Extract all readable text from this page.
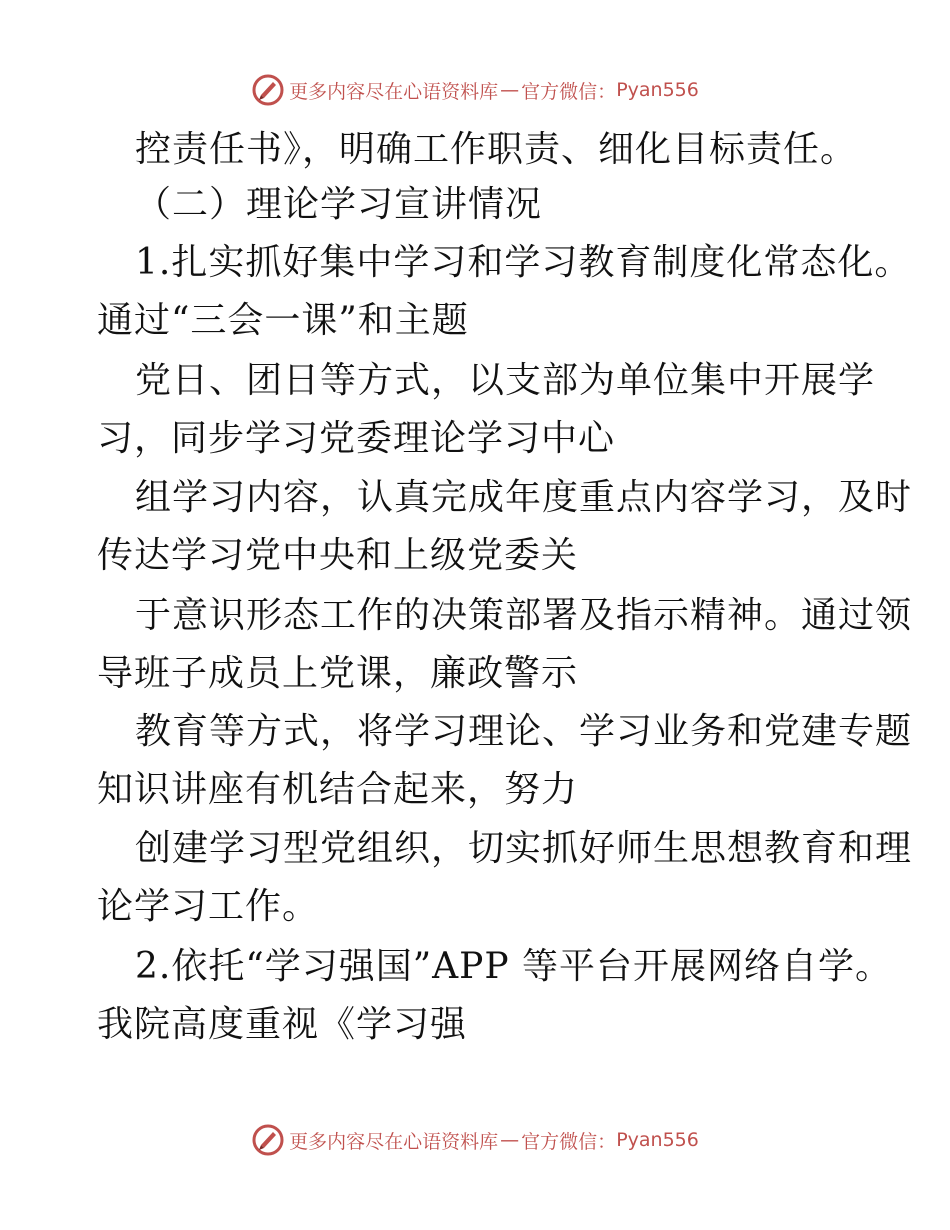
更多内容尽在心语资料库 — 官方微信： Pyan556
控责任书》，明确工作职责、细化目标责任。
（二）理论学习宣讲情况
1.扎实抓好集中学习和学习教育制度化常态化。
通过“三会一课”和主题
党日、团日等方式，以支部为单位集中开展学
习，同步学习党委理论学习中心
组学习内容，认真完成年度重点内容学习，及时
传达学习党中央和上级党委关
于意识形态工作的决策部署及指示精神。通过领
导班子成员上党课，廉政警示
教育等方式，将学习理论、学习业务和党建专题
知识讲座有机结合起来，努力
创建学习型党组织，切实抓好师生思想教育和理
论学习工作。
2.依托“学习强国”APP 等平台开展网络自学。
我院高度重视《学习强
更多内容尽在心语资料库 — 官方微信： Pyan556
